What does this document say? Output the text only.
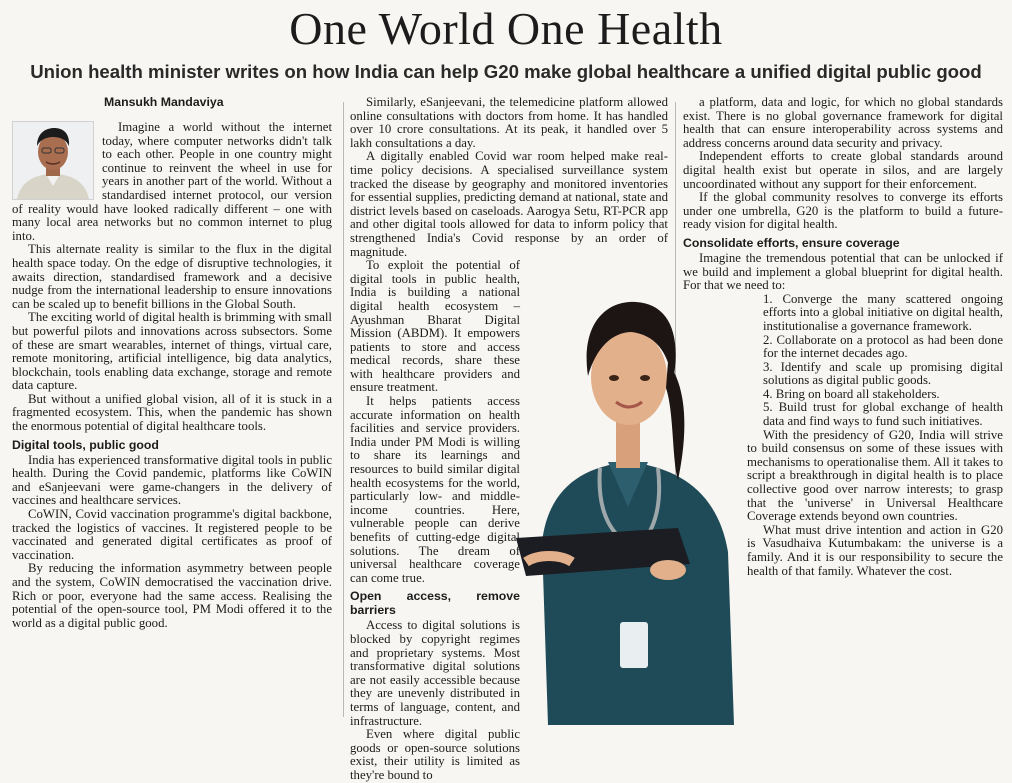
One World One Health
Union health minister writes on how India can help G20 make global healthcare a unified digital public good
Mansukh Mandaviya

Imagine a world without the internet today, where computer networks didn't talk to each other. People in one country might continue to reinvent the wheel in use for years in another part of the world. Without a standardised internet protocol, our version of reality would have looked radically different – one with many local area networks but no common internet to plug into.

This alternate reality is similar to the flux in the digital health space today. On the edge of disruptive technologies, it awaits direction, standardised framework and a decisive nudge from the international leadership to ensure innovations can be scaled up to benefit billions in the Global South.

The exciting world of digital health is brimming with small but powerful pilots and innovations across subsectors. Some of these are smart wearables, internet of things, virtual care, remote monitoring, artificial intelligence, big data analytics, blockchain, tools enabling data exchange, storage and remote data capture.

But without a unified global vision, all of it is stuck in a fragmented ecosystem. This, when the pandemic has shown the enormous potential of digital healthcare tools.

Digital tools, public good

India has experienced transformative digital tools in public health. During the Covid pandemic, platforms like CoWIN and eSanjeevani were game-changers in the delivery of vaccines and healthcare services.

CoWIN, Covid vaccination programme's digital backbone, tracked the logistics of vaccines. It registered people to be vaccinated and generated digital certificates as proof of vaccination.

By reducing the information asymmetry between people and the system, CoWIN democratised the vaccination drive. Rich or poor, everyone had the same access. Realising the potential of the open-source tool, PM Modi offered it to the world as a digital public good.

Similarly, eSanjeevani, the telemedicine platform allowed online consultations with doctors from home. It has handled over 10 crore consultations. At its peak, it handled over 5 lakh consultations a day.

A digitally enabled Covid war room helped make real-time policy decisions. A specialised surveillance system tracked the disease by geography and monitored inventories for essential supplies, predicting demand at national, state and district levels based on caseloads. Aarogya Setu, RT-PCR app and other digital tools allowed for data to inform policy that strengthened India's Covid response by an order of magnitude.

To exploit the potential of digital tools in public health, India is building a national digital health ecosystem – Ayushman Bharat Digital Mission (ABDM). It empowers patients to store and access medical records, share these with healthcare providers and ensure treatment.

It helps patients access accurate information on health facilities and service providers. India under PM Modi is willing to share its learnings and resources to build similar digital health ecosystems for the world, particularly low- and middle-income countries. Here, vulnerable people can derive benefits of cutting-edge digital solutions. The dream of universal healthcare coverage can come true.

Open access, remove barriers

Access to digital solutions is blocked by copyright regimes and proprietary systems. Most transformative digital solutions are not easily accessible because they are unevenly distributed in terms of language, content, and infrastructure.

Even where digital public goods or open-source solutions exist, their utility is limited as they're bound to

a platform, data and logic, for which no global standards exist. There is no global governance framework for digital health that can ensure interoperability across systems and address concerns around data security and privacy.

Independent efforts to create global standards around digital health exist but operate in silos, and are largely uncoordinated without any support for their enforcement.

If the global community resolves to converge its efforts under one umbrella, G20 is the platform to build a future-ready vision for digital health.

Consolidate efforts, ensure coverage

Imagine the tremendous potential that can be unlocked if we build and implement a global blueprint for digital health. For that we need to:

1. Converge the many scattered ongoing efforts into a global initiative on digital health, institutionalise a governance framework.

2. Collaborate on a protocol as had been done for the internet decades ago.

3. Identify and scale up promising digital solutions as digital public goods.

4. Bring on board all stakeholders.

5. Build trust for global exchange of health data and find ways to fund such initiatives.

With the presidency of G20, India will strive to build consensus on some of these issues with mechanisms to operationalise them. All it takes to script a breakthrough in digital health is to place collective good over narrow interests; to grasp that the 'universe' in Universal Healthcare Coverage extends beyond own countries.

What must drive intention and action in G20 is Vasudhaiva Kutumbakam: the universe is a family. And it is our responsibility to secure the health of that family. Whatever the cost.
